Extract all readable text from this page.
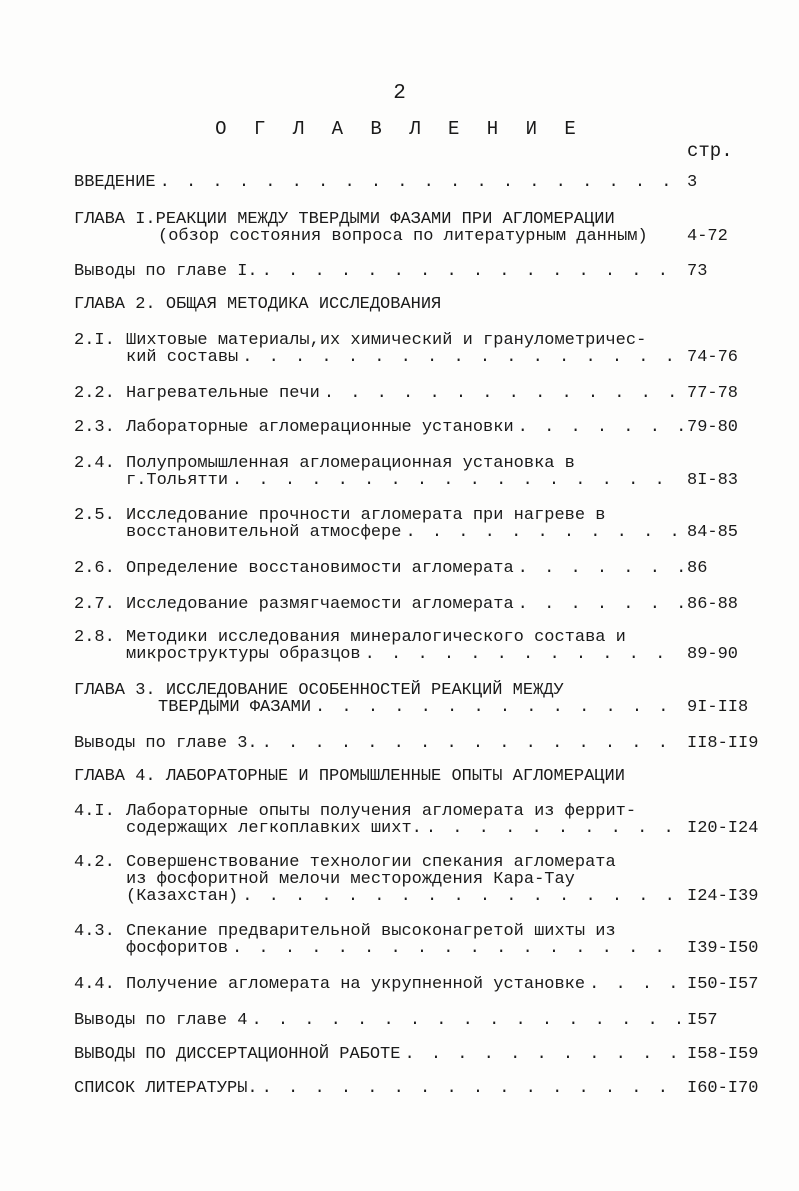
2
О Г Л А В Л Е Н И Е
стр.
ВВЕДЕНИЕ . . .	3
ГЛАВА I.РЕАКЦИИ МЕЖДУ ТВЕРДЫМИ ФАЗАМИ ПРИ АГЛОМЕРАЦИИ
(обзор состояния вопроса по литературным данным) 4-72
Выводы по главе I. . . .	73
ГЛАВА 2. ОБЩАЯ МЕТОДИКА ИССЛЕДОВАНИЯ
2.I. Шихтовые материалы,их химический и гранулометричес-
кий составы . . .	74-76
2.2. Нагревательные печи . . .	77-78
2.3. Лабораторные агломерационные установки . . .	79-80
2.4. Полупромышленная агломерационная установка в
г.Тольятти . . .	8I-83
2.5. Исследование прочности агломерата при нагреве в
восстановительной атмосфере . . .	84-85
2.6. Определение восстановимости агломерата . . .	86
2.7. Исследование размягчаемости агломерата . . .	86-88
2.8. Методики исследования минералогического состава и
микроструктуры образцов . . .	89-90
ГЛАВА 3. ИССЛЕДОВАНИЕ ОСОБЕННОСТЕЙ РЕАКЦИЙ МЕЖДУ
ТВЕРДЫМИ ФАЗАМИ . . .	9I-II8
Выводы по главе 3. . . .	II8-II9
ГЛАВА 4. ЛАБОРАТОРНЫЕ И ПРОМЫШЛЕННЫЕ ОПЫТЫ АГЛОМЕРАЦИИ
4.I. Лабораторные опыты получения агломерата из феррит-
содержащих легкоплавких шихт. . . .	I20-I24
4.2. Совершенствование технологии спекания агломерата
из фосфоритной мелочи месторождения Кара-Тау
(Казахстан) . . .	I24-I39
4.3. Спекание предварительной высоконагретой шихты из
фосфоритов . . .	I39-I50
4.4. Получение агломерата на укрупненной установке . . .	I50-I57
Выводы по главе 4 . . .	I57
ВЫВОДЫ ПО ДИССЕРТАЦИОННОЙ РАБОТЕ . . .	I58-I59
СПИСОК ЛИТЕРАТУРЫ. . . .	I60-I70
